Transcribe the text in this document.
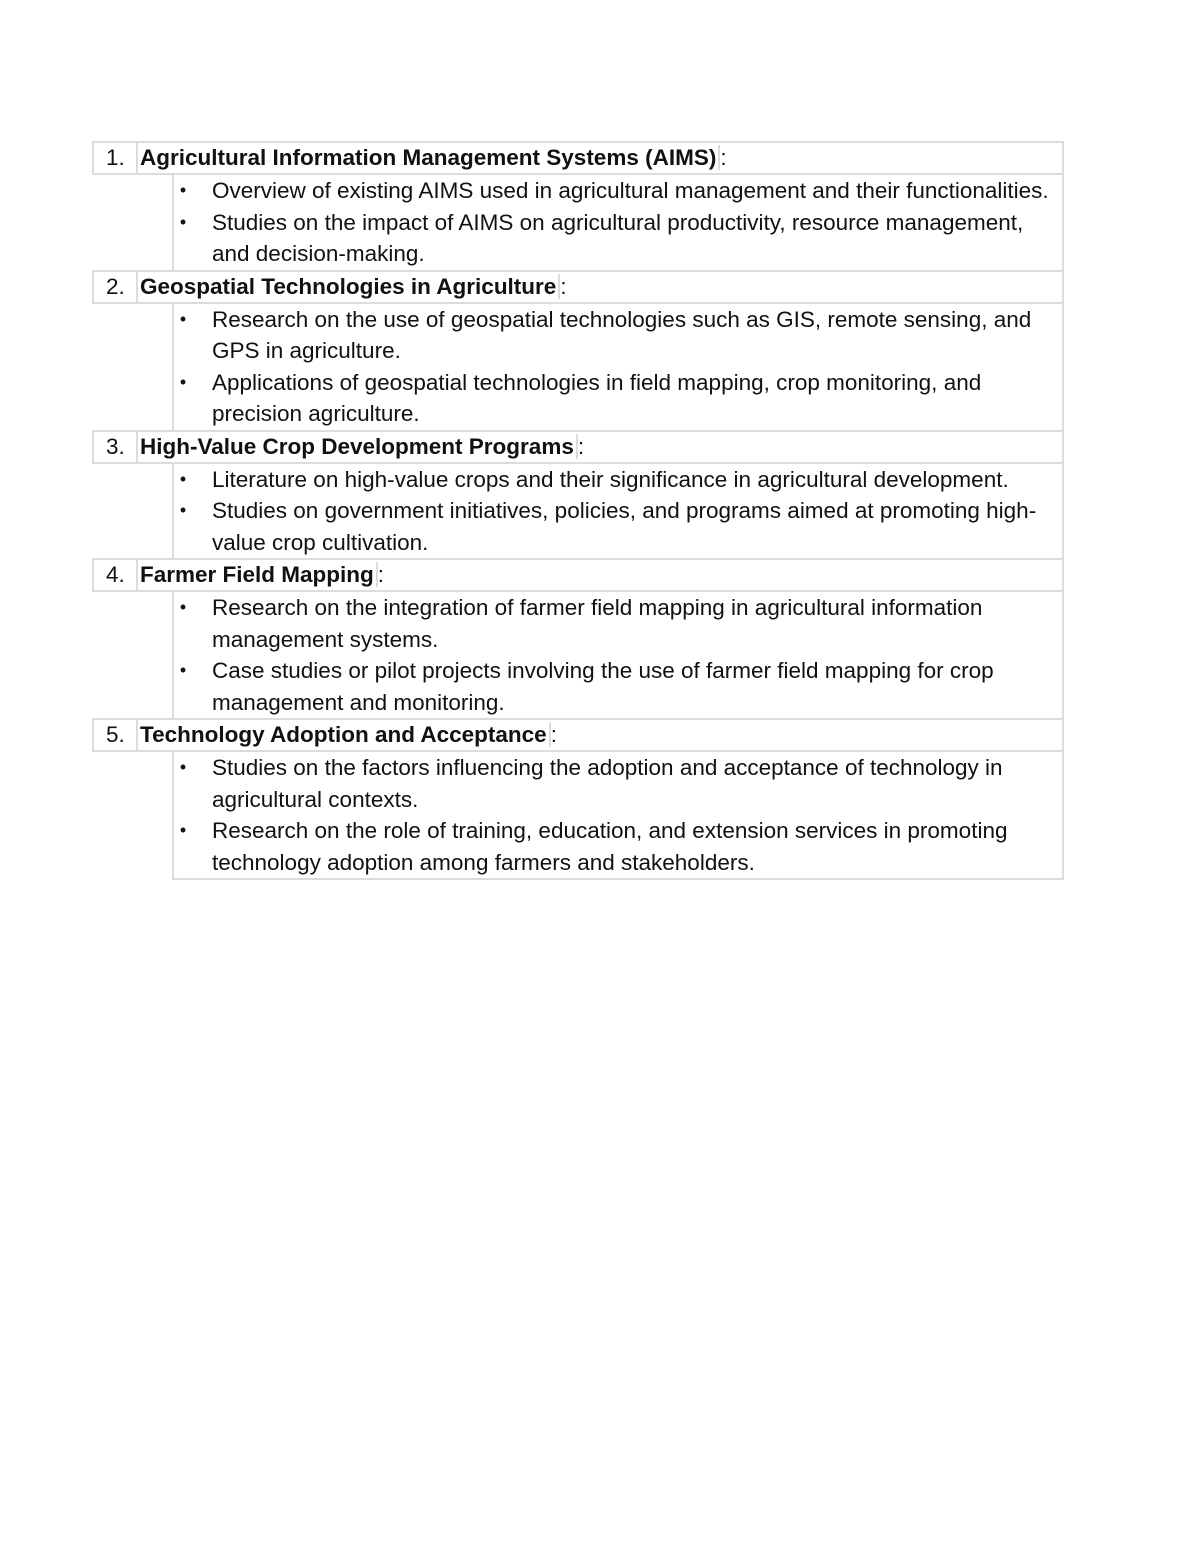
1. Agricultural Information Management Systems (AIMS) :
• Overview of existing AIMS used in agricultural management and their functionalities.
• Studies on the impact of AIMS on agricultural productivity, resource management, and decision-making.
2. Geospatial Technologies in Agriculture :
• Research on the use of geospatial technologies such as GIS, remote sensing, and GPS in agriculture.
• Applications of geospatial technologies in field mapping, crop monitoring, and precision agriculture.
3. High-Value Crop Development Programs :
• Literature on high-value crops and their significance in agricultural development.
• Studies on government initiatives, policies, and programs aimed at promoting high-value crop cultivation.
4. Farmer Field Mapping :
• Research on the integration of farmer field mapping in agricultural information management systems.
• Case studies or pilot projects involving the use of farmer field mapping for crop management and monitoring.
5. Technology Adoption and Acceptance :
• Studies on the factors influencing the adoption and acceptance of technology in agricultural contexts.
• Research on the role of training, education, and extension services in promoting technology adoption among farmers and stakeholders.
